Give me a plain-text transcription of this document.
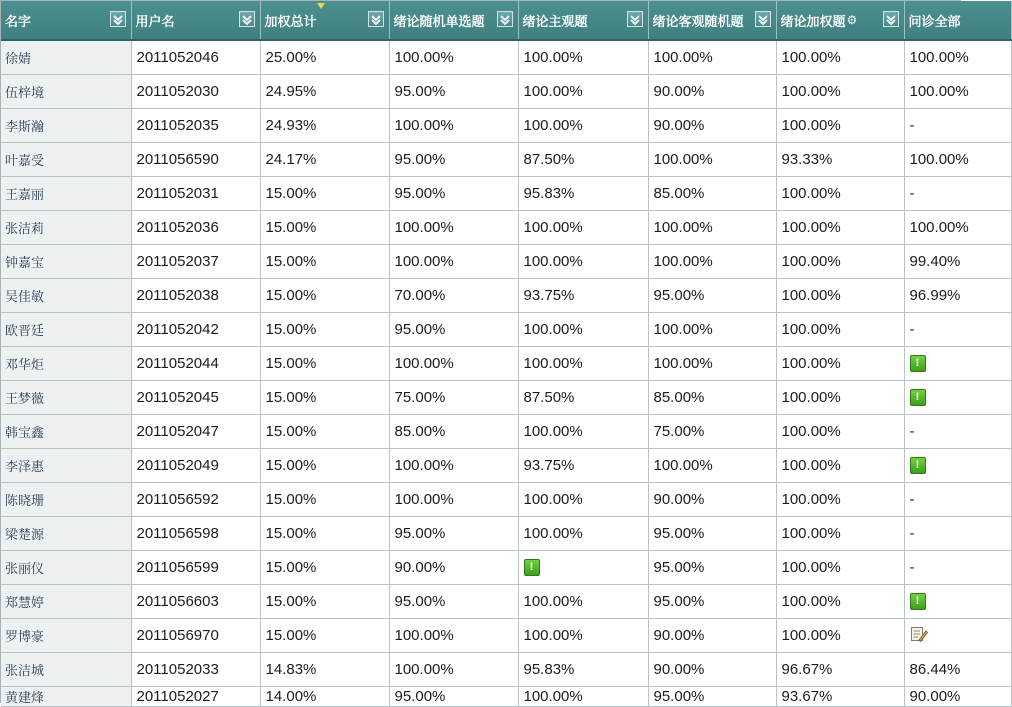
名字	用户名	加权总计	绪论随机单选题	绪论主观题	绪论客观随机题	绪论加权题⚙	问诊全部
徐婧	2011052046	25.00%	100.00%	100.00%	100.00%	100.00%	100.00%
伍梓境	2011052030	24.95%	95.00%	100.00%	90.00%	100.00%	100.00%
李斯瀚	2011052035	24.93%	100.00%	100.00%	90.00%	100.00%	-
叶嘉受	2011056590	24.17%	95.00%	87.50%	100.00%	93.33%	100.00%
王嘉丽	2011052031	15.00%	95.00%	95.83%	85.00%	100.00%	-
张洁莉	2011052036	15.00%	100.00%	100.00%	100.00%	100.00%	100.00%
钟嘉宝	2011052037	15.00%	100.00%	100.00%	100.00%	100.00%	99.40%
吴佳敏	2011052038	15.00%	70.00%	93.75%	95.00%	100.00%	96.99%
欧晋廷	2011052042	15.00%	95.00%	100.00%	100.00%	100.00%	-
邓华炬	2011052044	15.00%	100.00%	100.00%	100.00%	100.00%	!
王梦薇	2011052045	15.00%	75.00%	87.50%	85.00%	100.00%	!
韩宝鑫	2011052047	15.00%	85.00%	100.00%	75.00%	100.00%	-
李泽惠	2011052049	15.00%	100.00%	93.75%	100.00%	100.00%	!
陈晓珊	2011056592	15.00%	100.00%	100.00%	90.00%	100.00%	-
梁楚源	2011056598	15.00%	95.00%	100.00%	95.00%	100.00%	-
张丽仪	2011056599	15.00%	90.00%	!	95.00%	100.00%	-
郑慧婷	2011056603	15.00%	95.00%	100.00%	95.00%	100.00%	!
罗博豪	2011056970	15.00%	100.00%	100.00%	90.00%	100.00%	
张洁城	2011052033	14.83%	100.00%	95.83%	90.00%	96.67%	86.44%
黄建烽	2011052027	14.00%	95.00%	100.00%	95.00%	93.67%	90.00%
